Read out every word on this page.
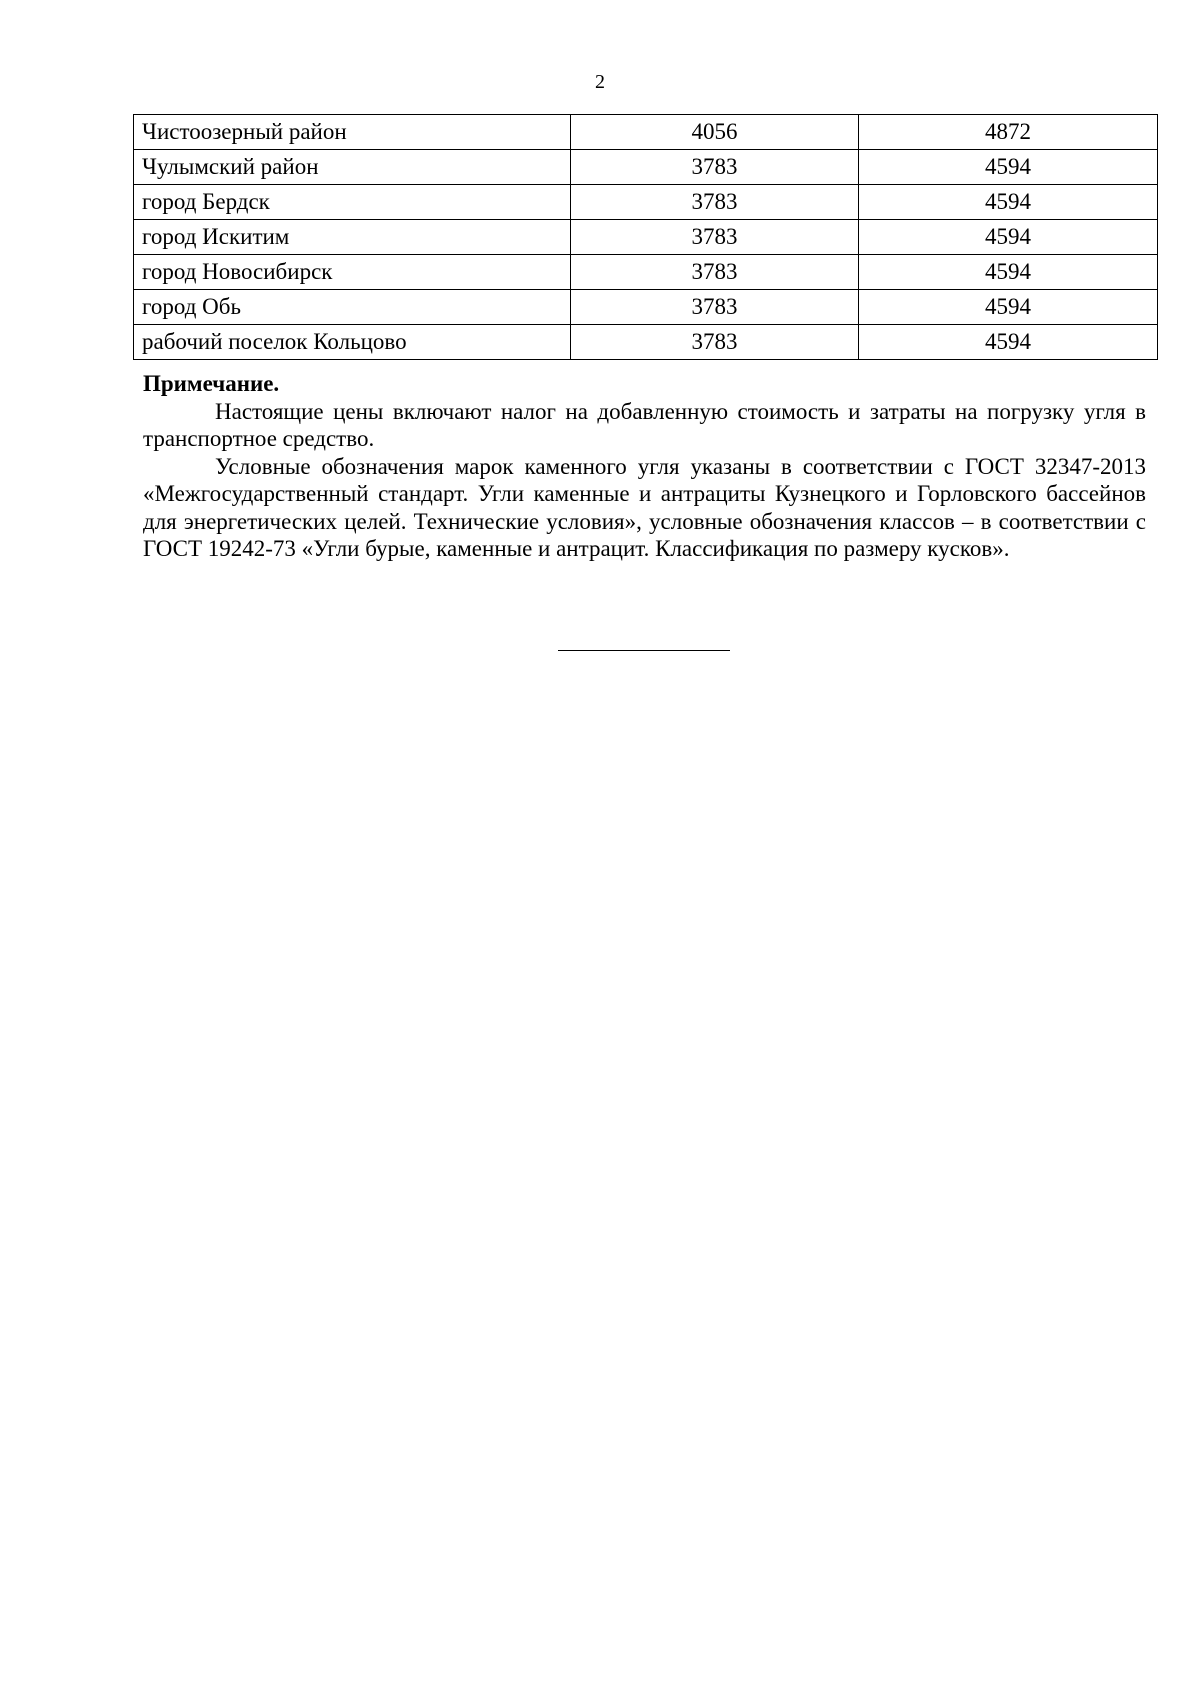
2
Чистоозерный район	4056	4872
Чулымский район	3783	4594
город Бердск	3783	4594
город Искитим	3783	4594
город Новосибирск	3783	4594
город Обь	3783	4594
рабочий поселок Кольцово	3783	4594

Примечание.

Настоящие цены включают налог на добавленную стоимость и затраты на погрузку угля в транспортное средство.

Условные обозначения марок каменного угля указаны в соответствии с ГОСТ 32347-2013 «Межгосударственный стандарт. Угли каменные и антрациты Кузнецкого и Горловского бассейнов для энергетических целей. Технические условия», условные обозначения классов – в соответствии с ГОСТ 19242-73 «Угли бурые, каменные и антрацит. Классификация по размеру кусков».
